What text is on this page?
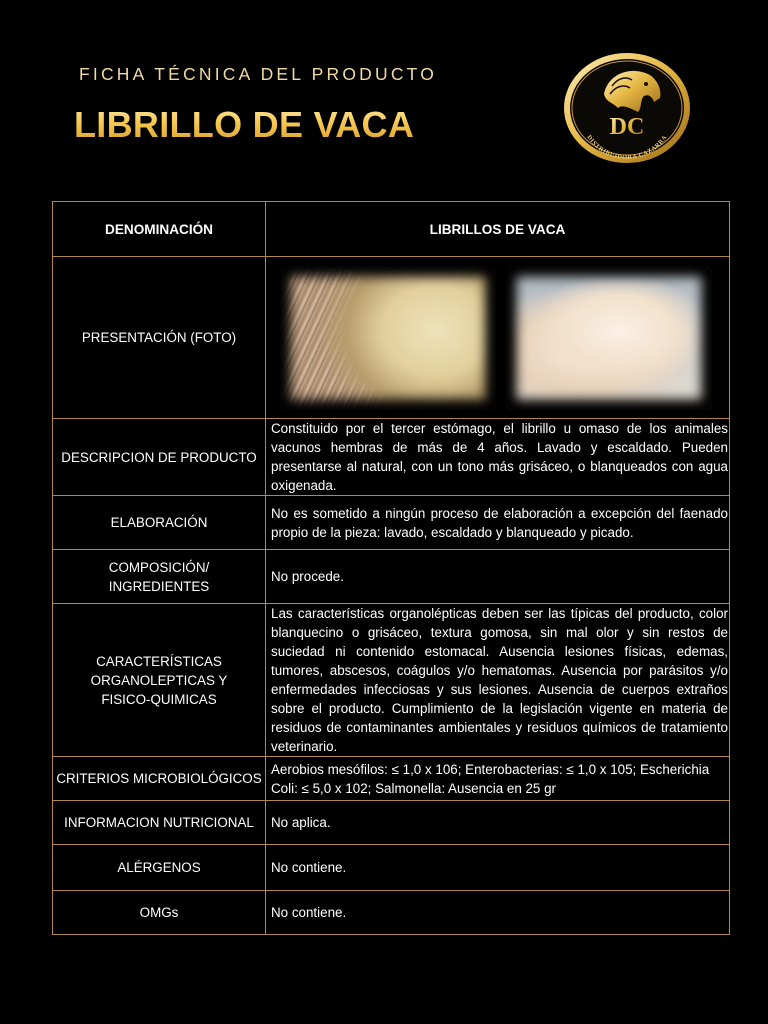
FICHA TÉCNICA DEL PRODUCTO
LIBRILLO DE VACA	DC
DISTRIBUIDORA CAZARRA
DENOMINACIÓN	LIBRILLOS DE VACA
PRESENTACIÓN (FOTO)	

DESCRIPCION DE PRODUCTO	Constituido por el tercer estómago, el librillo u omaso de los animales vacunos hembras de más de 4 años. Lavado y escaldado. Pueden presentarse al natural, con un tono más grisáceo, o blanqueados con agua oxigenada.
ELABORACIÓN	No es sometido a ningún proceso de elaboración a excepción del faenado propio de la pieza: lavado, escaldado y blanqueado y picado.
COMPOSICIÓN/ INGREDIENTES	No procede.
CARACTERÍSTICAS ORGANOLEPTICAS Y FISICO-QUIMICAS	Las características organolépticas deben ser las típicas del producto, color blanquecino o grisáceo, textura gomosa, sin mal olor y sin restos de suciedad ni contenido estomacal. Ausencia lesiones físicas, edemas, tumores, abscesos, coágulos y/o hematomas. Ausencia por parásitos y/o enfermedades infecciosas y sus lesiones. Ausencia de cuerpos extraños sobre el producto. Cumplimiento de la legislación vigente en materia de residuos de contaminantes ambientales y residuos químicos de tratamiento veterinario.
CRITERIOS MICROBIOLÓGICOS	Aerobios mesófilos: ≤ 1,0 x 106; Enterobacterias: ≤ 1,0 x 105; Escherichia Coli: ≤ 5,0 x 102; Salmonella: Ausencia en 25 gr
INFORMACION NUTRICIONAL	No aplica.
ALÉRGENOS	No contiene.
OMGs	No contiene.
